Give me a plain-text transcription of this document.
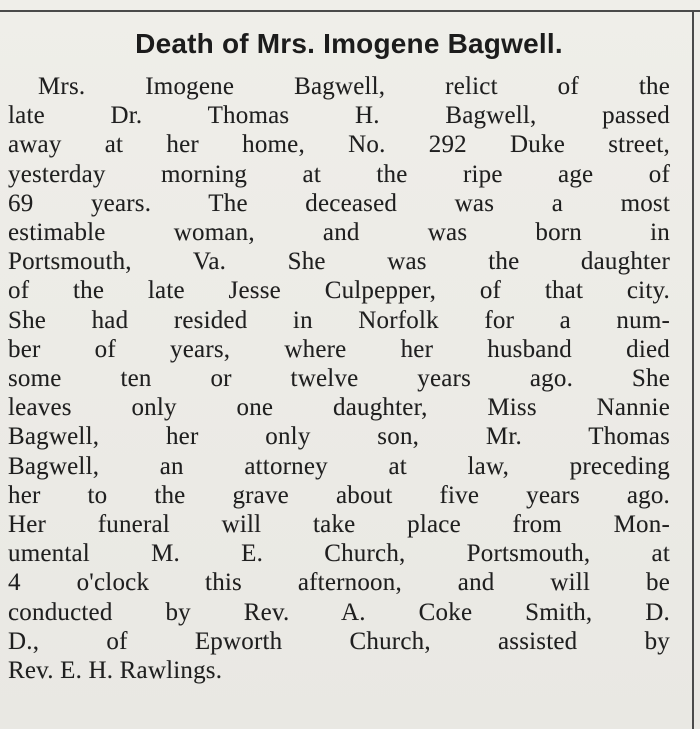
Death of Mrs. Imogene Bagwell.
Mrs. Imogene Bagwell, relict of the
late Dr. Thomas H. Bagwell, passed
away at her home, No. 292 Duke street,
yesterday morning at the ripe age of
69 years. The deceased was a most
estimable woman, and was born in
Portsmouth, Va. She was the daughter
of the late Jesse Culpepper, of that city.
She had resided in Norfolk for a num-
ber of years, where her husband died
some ten or twelve years ago. She
leaves only one daughter, Miss Nannie
Bagwell, her only son, Mr. Thomas
Bagwell, an attorney at law, preceding
her to the grave about five years ago.
Her funeral will take place from Mon-
umental M. E. Church, Portsmouth, at
4 o'clock this afternoon, and will be
conducted by Rev. A. Coke Smith, D.
D., of Epworth Church, assisted by
Rev. E. H. Rawlings.
